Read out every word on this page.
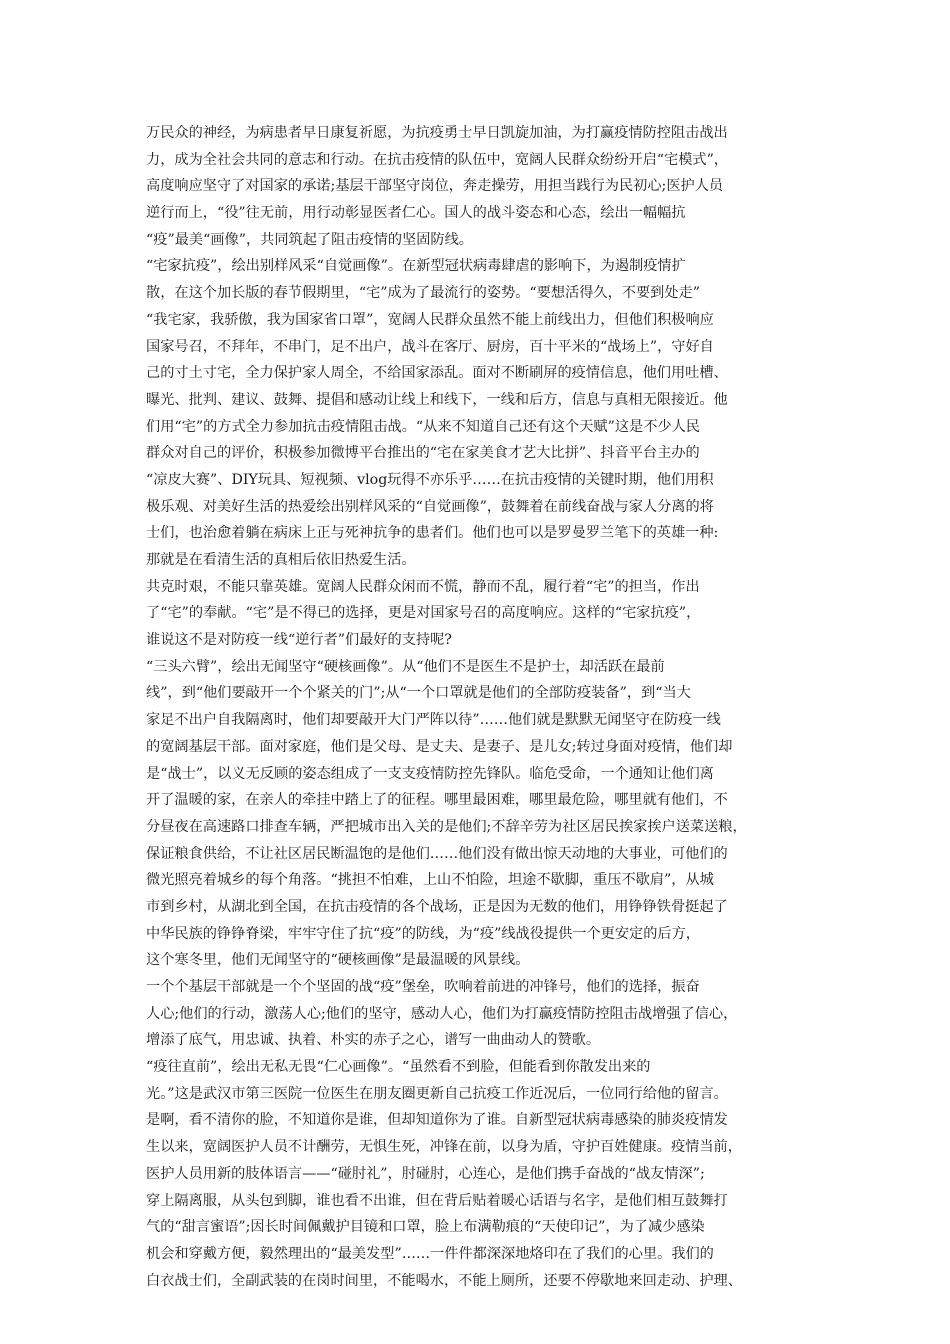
万民众的神经，为病患者早日康复祈愿，为抗疫勇士早日凯旋加油，为打赢疫情防控阻击战出
力，成为全社会共同的意志和行动。在抗击疫情的队伍中，宽阔人民群众纷纷开启“宅模式”，
高度响应坚守了对国家的承诺;基层干部坚守岗位，奔走操劳，用担当践行为民初心;医护人员
逆行而上，“役”往无前，用行动彰显医者仁心。国人的战斗姿态和心态，绘出一幅幅抗
“疫”最美“画像”，共同筑起了阻击疫情的坚固防线。
“宅家抗疫”，绘出别样风采“自觉画像”。在新型冠状病毒肆虐的影响下，为遏制疫情扩
散，在这个加长版的春节假期里，“宅”成为了最流行的姿势。“要想活得久，不要到处走”
“我宅家，我骄傲，我为国家省口罩”，宽阔人民群众虽然不能上前线出力，但他们积极响应
国家号召，不拜年，不串门，足不出户，战斗在客厅、厨房，百十平米的“战场上”，守好自
己的寸土寸宅，全力保护家人周全，不给国家添乱。面对不断刷屏的疫情信息，他们用吐槽、
曝光、批判、建议、鼓舞、提倡和感动让线上和线下，一线和后方，信息与真相无限接近。他
们用“宅”的方式全力参加抗击疫情阻击战。“从来不知道自己还有这个天赋”这是不少人民
群众对自己的评价，积极参加微博平台推出的“宅在家美食才艺大比拼”、抖音平台主办的
“凉皮大赛”、DIY玩具、短视频、vlog玩得不亦乐乎……在抗击疫情的关键时期，他们用积
极乐观、对美好生活的热爱绘出别样风采的“自觉画像”，鼓舞着在前线奋战与家人分离的将
士们，也治愈着躺在病床上正与死神抗争的患者们。他们也可以是罗曼罗兰笔下的英雄一种:
那就是在看清生活的真相后依旧热爱生活。
共克时艰，不能只靠英雄。宽阔人民群众闲而不慌，静而不乱，履行着“宅”的担当，作出
了“宅”的奉献。“宅”是不得已的选择，更是对国家号召的高度响应。这样的“宅家抗疫”，
谁说这不是对防疫一线“逆行者”们最好的支持呢?
“三头六臂”，绘出无闻坚守“硬核画像”。从“他们不是医生不是护士，却活跃在最前
线”，到“他们要敲开一个个紧关的门”;从“一个口罩就是他们的全部防疫装备”，到“当大
家足不出户自我隔离时，他们却要敲开大门严阵以待”……他们就是默默无闻坚守在防疫一线
的宽阔基层干部。面对家庭，他们是父母、是丈夫、是妻子、是儿女;转过身面对疫情，他们却
是“战士”，以义无反顾的姿态组成了一支支疫情防控先锋队。临危受命，一个通知让他们离
开了温暖的家，在亲人的牵挂中踏上了的征程。哪里最困难，哪里最危险，哪里就有他们，不
分昼夜在高速路口排查车辆，严把城市出入关的是他们;不辞辛劳为社区居民挨家挨户送菜送粮，
保证粮食供给，不让社区居民断温饱的是他们……他们没有做出惊天动地的大事业，可他们的
微光照亮着城乡的每个角落。“挑担不怕难，上山不怕险，坦途不歇脚，重压不歇肩”，从城
市到乡村，从湖北到全国，在抗击疫情的各个战场，正是因为无数的他们，用铮铮铁骨挺起了
中华民族的铮铮脊梁，牢牢守住了抗“疫”的防线，为“疫”线战役提供一个更安定的后方，
这个寒冬里，他们无闻坚守的“硬核画像”是最温暖的风景线。
一个个基层干部就是一个个坚固的战“疫”堡垒，吹响着前进的冲锋号，他们的选择，振奋
人心;他们的行动，激荡人心;他们的坚守，感动人心，他们为打赢疫情防控阻击战增强了信心，
增添了底气，用忠诚、执着、朴实的赤子之心，谱写一曲曲动人的赞歌。
“疫往直前”，绘出无私无畏“仁心画像”。“虽然看不到脸，但能看到你散发出来的
光。”这是武汉市第三医院一位医生在朋友圈更新自己抗疫工作近况后，一位同行给他的留言。
是啊，看不清你的脸，不知道你是谁，但却知道你为了谁。自新型冠状病毒感染的肺炎疫情发
生以来，宽阔医护人员不计酬劳，无惧生死，冲锋在前，以身为盾，守护百姓健康。疫情当前，
医护人员用新的肢体语言——“碰肘礼”，肘碰肘，心连心，是他们携手奋战的“战友情深”;
穿上隔离服，从头包到脚，谁也看不出谁，但在背后贴着暖心话语与名字，是他们相互鼓舞打
气的“甜言蜜语”;因长时间佩戴护目镜和口罩，脸上布满勒痕的“天使印记”，为了减少感染
机会和穿戴方便，毅然理出的“最美发型”……一件件都深深地烙印在了我们的心里。我们的
白衣战士们，全副武装的在岗时间里，不能喝水，不能上厕所，还要不停歇地来回走动、护理、
